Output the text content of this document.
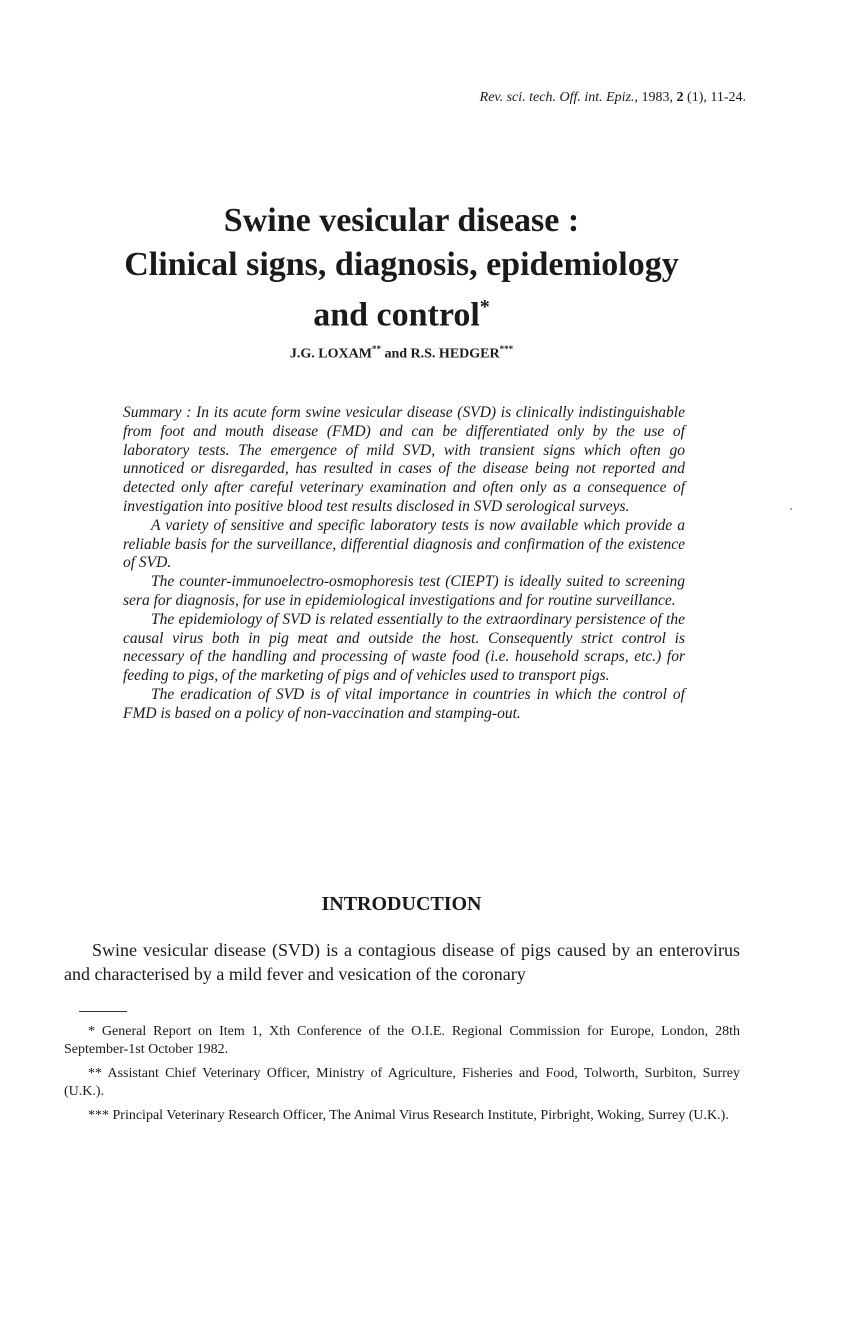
Rev. sci. tech. Off. int. Epiz., 1983, 2 (1), 11-24.
Swine vesicular disease :
Clinical signs, diagnosis, epidemiology
and control*
J.G. LOXAM** and R.S. HEDGER***

Summary : In its acute form swine vesicular disease (SVD) is clinically indistinguishable from foot and mouth disease (FMD) and can be differentiated only by the use of laboratory tests. The emergence of mild SVD, with transient signs which often go unnoticed or disregarded, has resulted in cases of the disease being not reported and detected only after careful veterinary examination and often only as a consequence of investigation into positive blood test results disclosed in SVD serological surveys.

A variety of sensitive and specific laboratory tests is now available which provide a reliable basis for the surveillance, differential diagnosis and confirmation of the existence of SVD.

The counter-immunoelectro-osmophoresis test (CIEPT) is ideally suited to screening sera for diagnosis, for use in epidemiological investigations and for routine surveillance.

The epidemiology of SVD is related essentially to the extraordinary persistence of the causal virus both in pig meat and outside the host. Consequently strict control is necessary of the handling and processing of waste food (i.e. household scraps, etc.) for feeding to pigs, of the marketing of pigs and of vehicles used to transport pigs.

The eradication of SVD is of vital importance in countries in which the control of FMD is based on a policy of non-vaccination and stamping-out.

INTRODUCTION

Swine vesicular disease (SVD) is a contagious disease of pigs caused by an enterovirus and characterised by a mild fever and vesication of the coronary

* General Report on Item 1, Xth Conference of the O.I.E. Regional Commission for Europe, London, 28th September-1st October 1982.

** Assistant Chief Veterinary Officer, Ministry of Agriculture, Fisheries and Food, Tolworth, Surbiton, Surrey (U.K.).

*** Principal Veterinary Research Officer, The Animal Virus Research Institute, Pirbright, Woking, Surrey (U.K.).
